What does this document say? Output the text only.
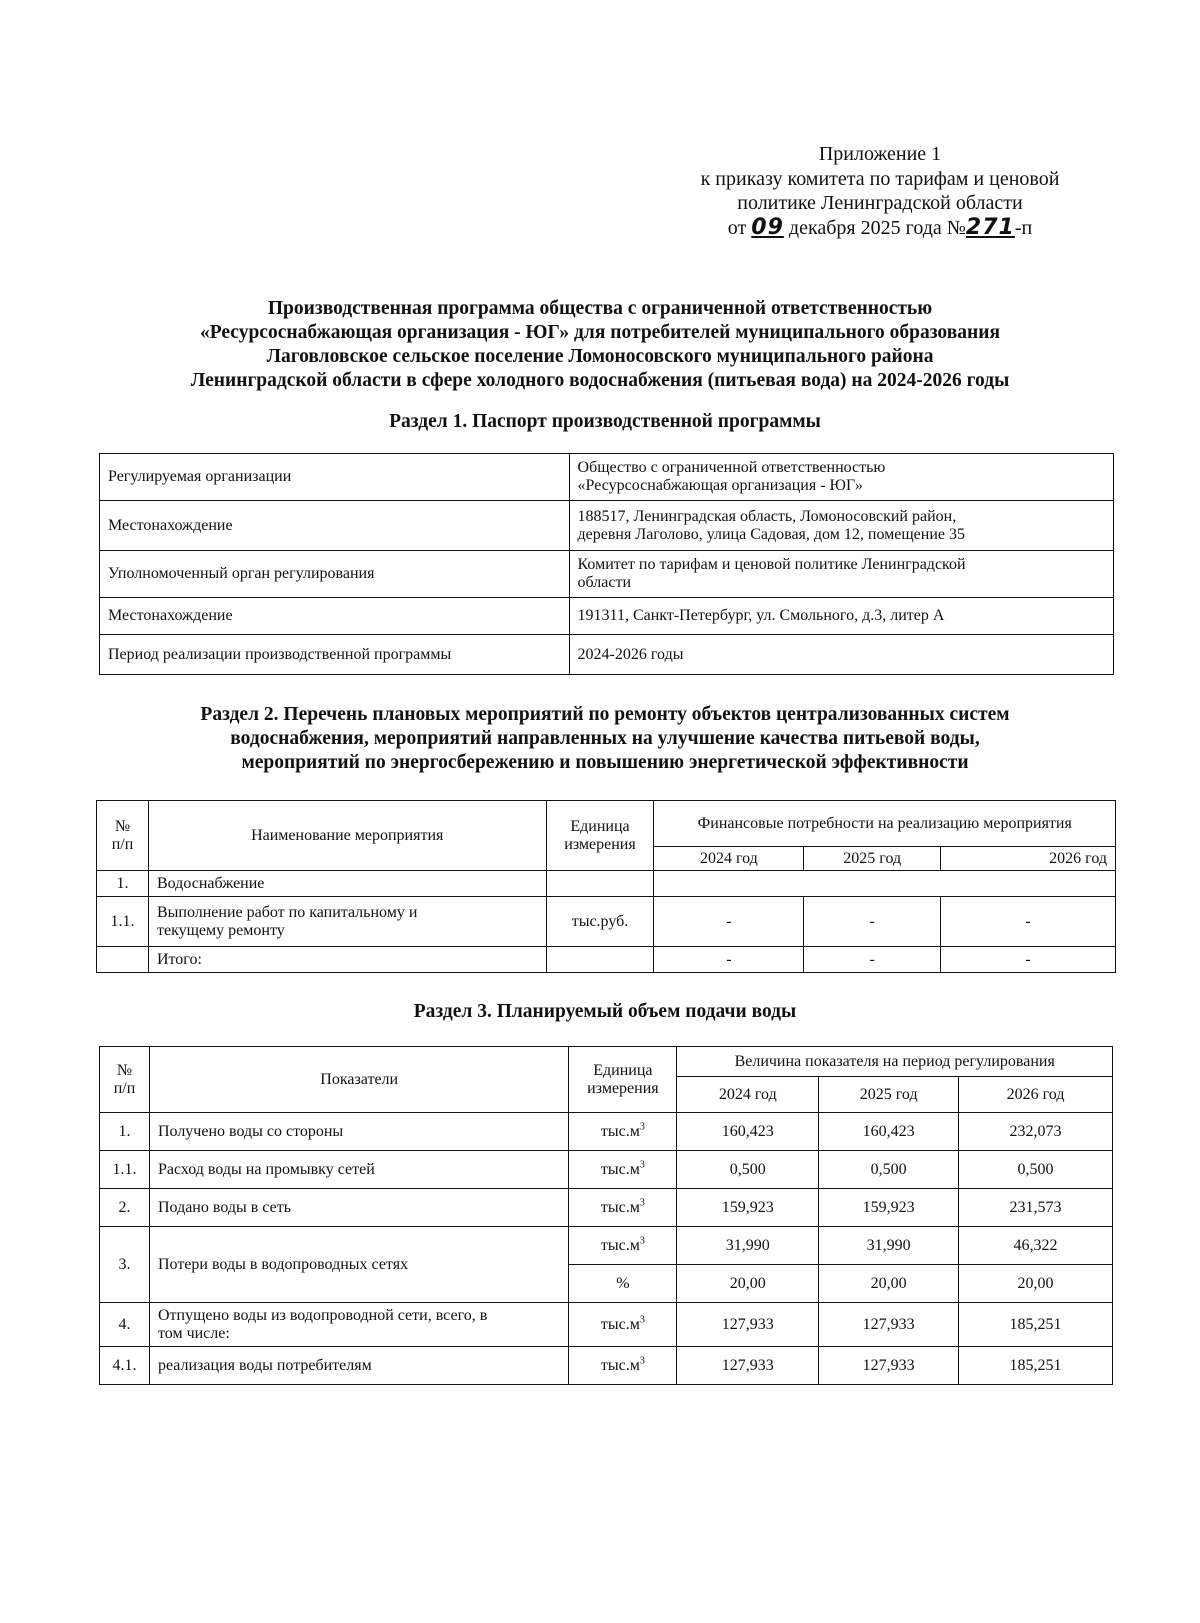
Приложение 1
к приказу комитета по тарифам и ценовой
политике Ленинградской области
от 09 декабря 2025 года №271-п
Производственная программа общества с ограниченной ответственностью
«Ресурсоснабжающая организация - ЮГ» для потребителей муниципального образования
Лаговловское сельское поселение Ломоносовского муниципального района
Ленинградской области в сфере холодного водоснабжения (питьевая вода) на 2024-2026 годы
Раздел 1. Паспорт производственной программы
Регулируемая организации	Общество с ограниченной ответственностью
«Ресурсоснабжающая организация - ЮГ»

Местонахождение	188517, Ленинградская область, Ломоносовский район,
деревня Лаголово, улица Садовая, дом 12, помещение 35

Уполномоченный орган регулирования	Комитет по тарифам и ценовой политике Ленинградской
области

Местонахождение	191311, Санкт-Петербург, ул. Смольного, д.3, литер А
Период реализации производственной программы	2024-2026 годы
Раздел 2. Перечень плановых мероприятий по ремонту объектов централизованных систем
водоснабжения, мероприятий направленных на улучшение качества питьевой воды,
мероприятий по энергосбережению и повышению энергетической эффективности
№
п/п
	Наименование мероприятия	
Единица
измерения
	Финансовые потребности на реализацию мероприятия
			2024 год	2025 год	2026 год
1.	Водоснабжение				
1.1.	Выполнение работ по капитальному и
текущему ремонту	тыс.руб.	-	-	-
	Итого:		-	-	-
Раздел 3. Планируемый объем подачи воды
№
п/п
	Показатели	
Единица
измерения
	Величина показателя на период регулирования
			2024 год	2025 год	2026 год
1.	Получено воды со стороны	$тыс.м^3$	160,423	160,423	232,073
1.1.	Расход воды на промывку сетей	$тыс.м^3$	0,500	0,500	0,500
2.	Подано воды в сеть	$тыс.м^3$	159,923	159,923	231,573
3.	Потери воды в водопроводных сетях	$тыс.м^3$	31,990	31,990	46,322
		%	20,00	20,00	20,00
4.	Отпущено воды из водопроводной сети, всего, в
том числе:	$тыс.м^3$	127,933	127,933	185,251
4.1.	реализация воды потребителям	$тыс.м^3$	127,933	127,933	185,251
